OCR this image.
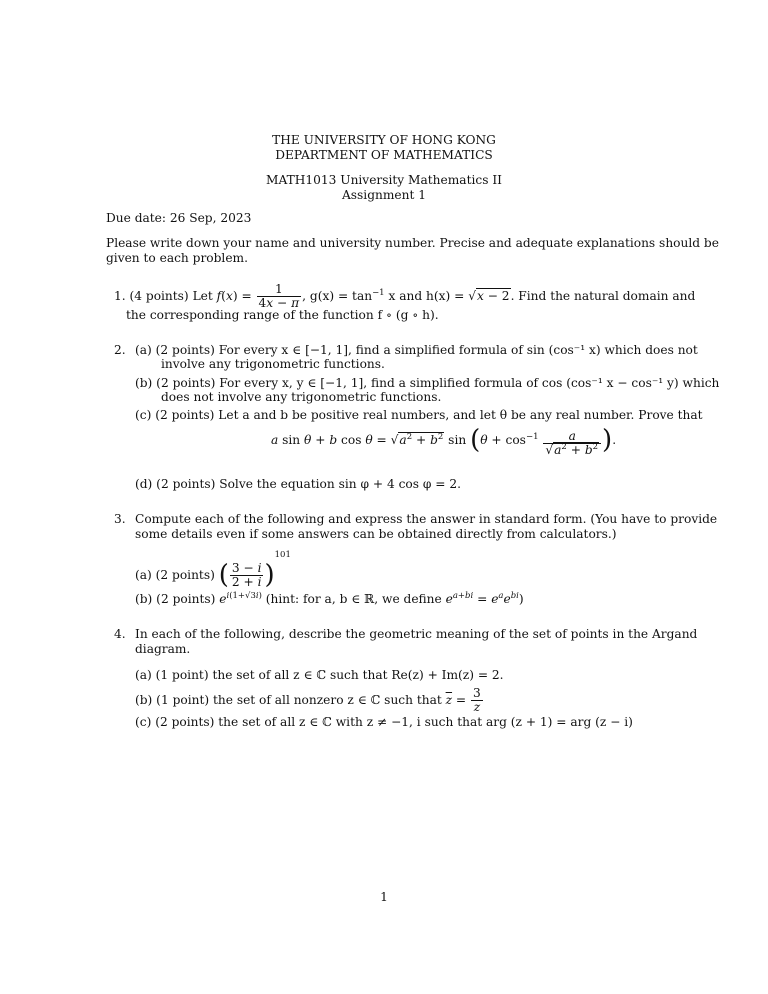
THE UNIVERSITY OF HONG KONG
DEPARTMENT OF MATHEMATICS
MATH1013 University Mathematics II
Assignment 1
Due date: 26 Sep, 2023
Please write down your name and university number. Precise and adequate explanations should be
given to each problem.
1. (4 points) Let $f(x) = \frac{1}{4x - \pi}$ , $g(x) = \tan^{-1} x$ and h(x) = √x − 2. Find the natural domain and
the corresponding range of the function f ∘ (g ∘ h).
2. (a) (2 points) For every x ∈ [−1, 1], find a simplified formula of sin (cos⁻¹ x) which does not
involve any trigonometric functions.
(b) (2 points) For every x, y ∈ [−1, 1], find a simplified formula of cos (cos⁻¹ x − cos⁻¹ y) which
does not involve any trigonometric functions.
(c) (2 points) Let a and b be positive real numbers, and let θ be any real number. Prove that
a sin θ + b $\cos \theta = √a^2 + b^2$ $\sin (\theta + \cos^{-1} \frac{a}{√a^2 + b^2}$ ).
(d) (2 points) Solve the equation sin φ + 4 cos φ = 2.
3. Compute each of the following and express the answer in standard form. (You have to provide
some details even if some answers can be obtained directly from calculators.)
(a) (2 points) ( $\frac{3 - i}{2 + i} )^{101}$
(b) (2 points) $e^{i(1+√3i)}$ (hint: for a, b ∈ ℝ, we define $e^{a+bi} = e^ae^{bi}$)
4. In each of the following, describe the geometric meaning of the set of points in the Argand
diagram.
(a) (1 point) the set of all z ∈ ℂ such that Re(z) + Im(z) = 2.
(b) (1 point) the set of all nonzero z ∈ ℂ such that $\overline{z} = \frac{3}{z}$
(c) (2 points) the set of all z ∈ ℂ with z ≠ −1, i such that arg (z + 1) = arg (z − i)
1
